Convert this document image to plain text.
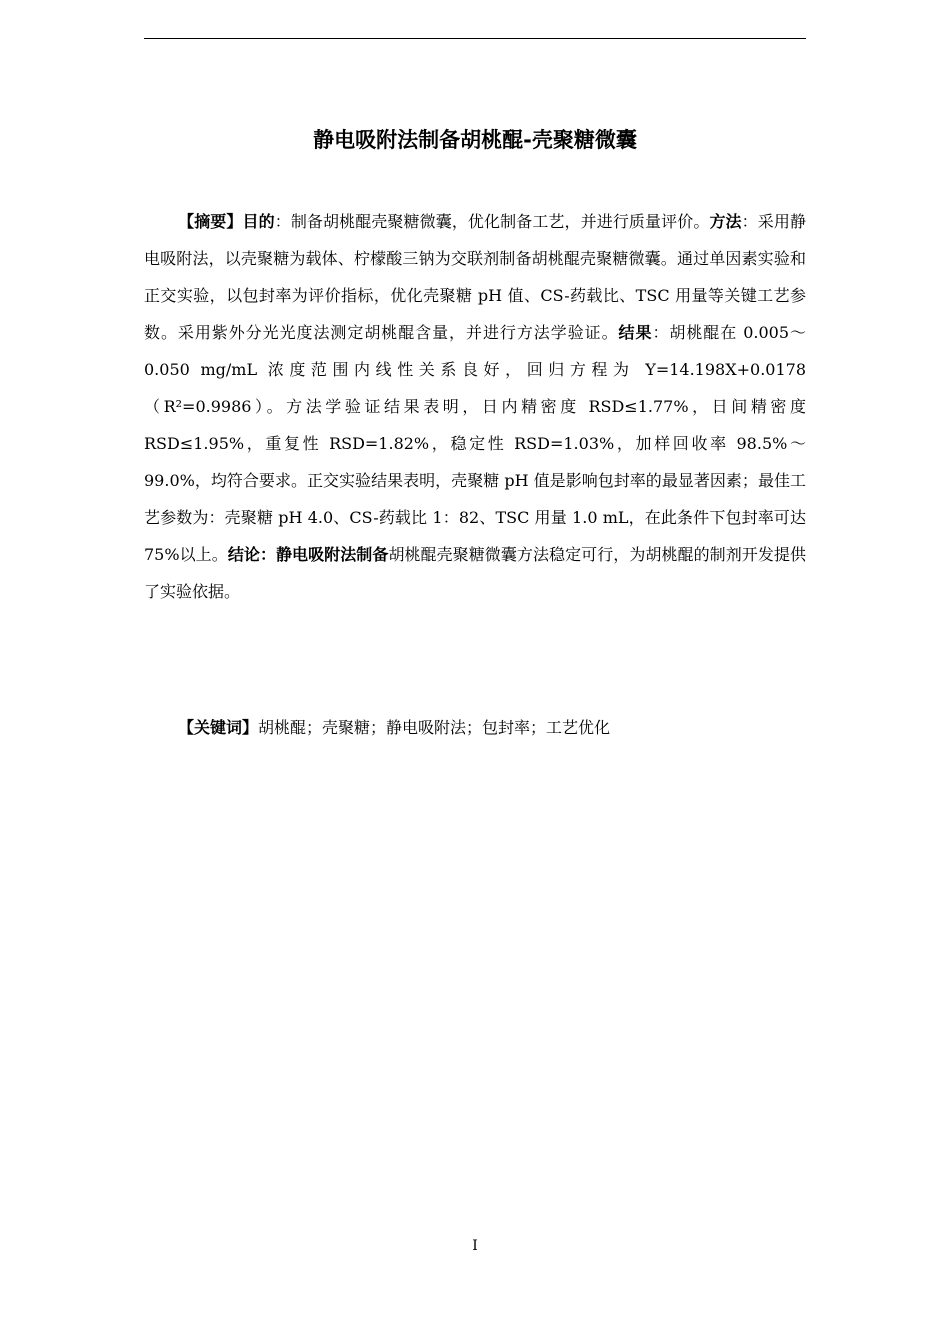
静电吸附法制备胡桃醌-壳聚糖微囊

【摘要】目的：制备胡桃醌壳聚糖微囊，优化制备工艺，并进行质量评价。方法：采用静电吸附法，以壳聚糖为载体、柠檬酸三钠为交联剂制备胡桃醌壳聚糖微囊。通过单因素实验和正交实验，以包封率为评价指标，优化壳聚糖 pH 值、CS-药载比、TSC 用量等关键工艺参数。采用紫外分光光度法测定胡桃醌含量，并进行方法学验证。结果：胡桃醌在 0.005～0.050 mg/mL 浓度范围内线性关系良好，回归方程为 Y=14.198X+0.0178（R²=0.9986）。方法学验证结果表明，日内精密度 RSD≤1.77%，日间精密度 RSD≤1.95%，重复性 RSD=1.82%，稳定性 RSD=1.03%，加样回收率 98.5%～99.0%，均符合要求。正交实验结果表明，壳聚糖 pH 值是影响包封率的最显著因素；最佳工艺参数为：壳聚糖 pH 4.0、CS-药载比 1：82、TSC 用量 1.0 mL，在此条件下包封率可达 75%以上。结论：静电吸附法制备胡桃醌壳聚糖微囊方法稳定可行，为胡桃醌的制剂开发提供了实验依据。

【关键词】胡桃醌；壳聚糖；静电吸附法；包封率；工艺优化

I
